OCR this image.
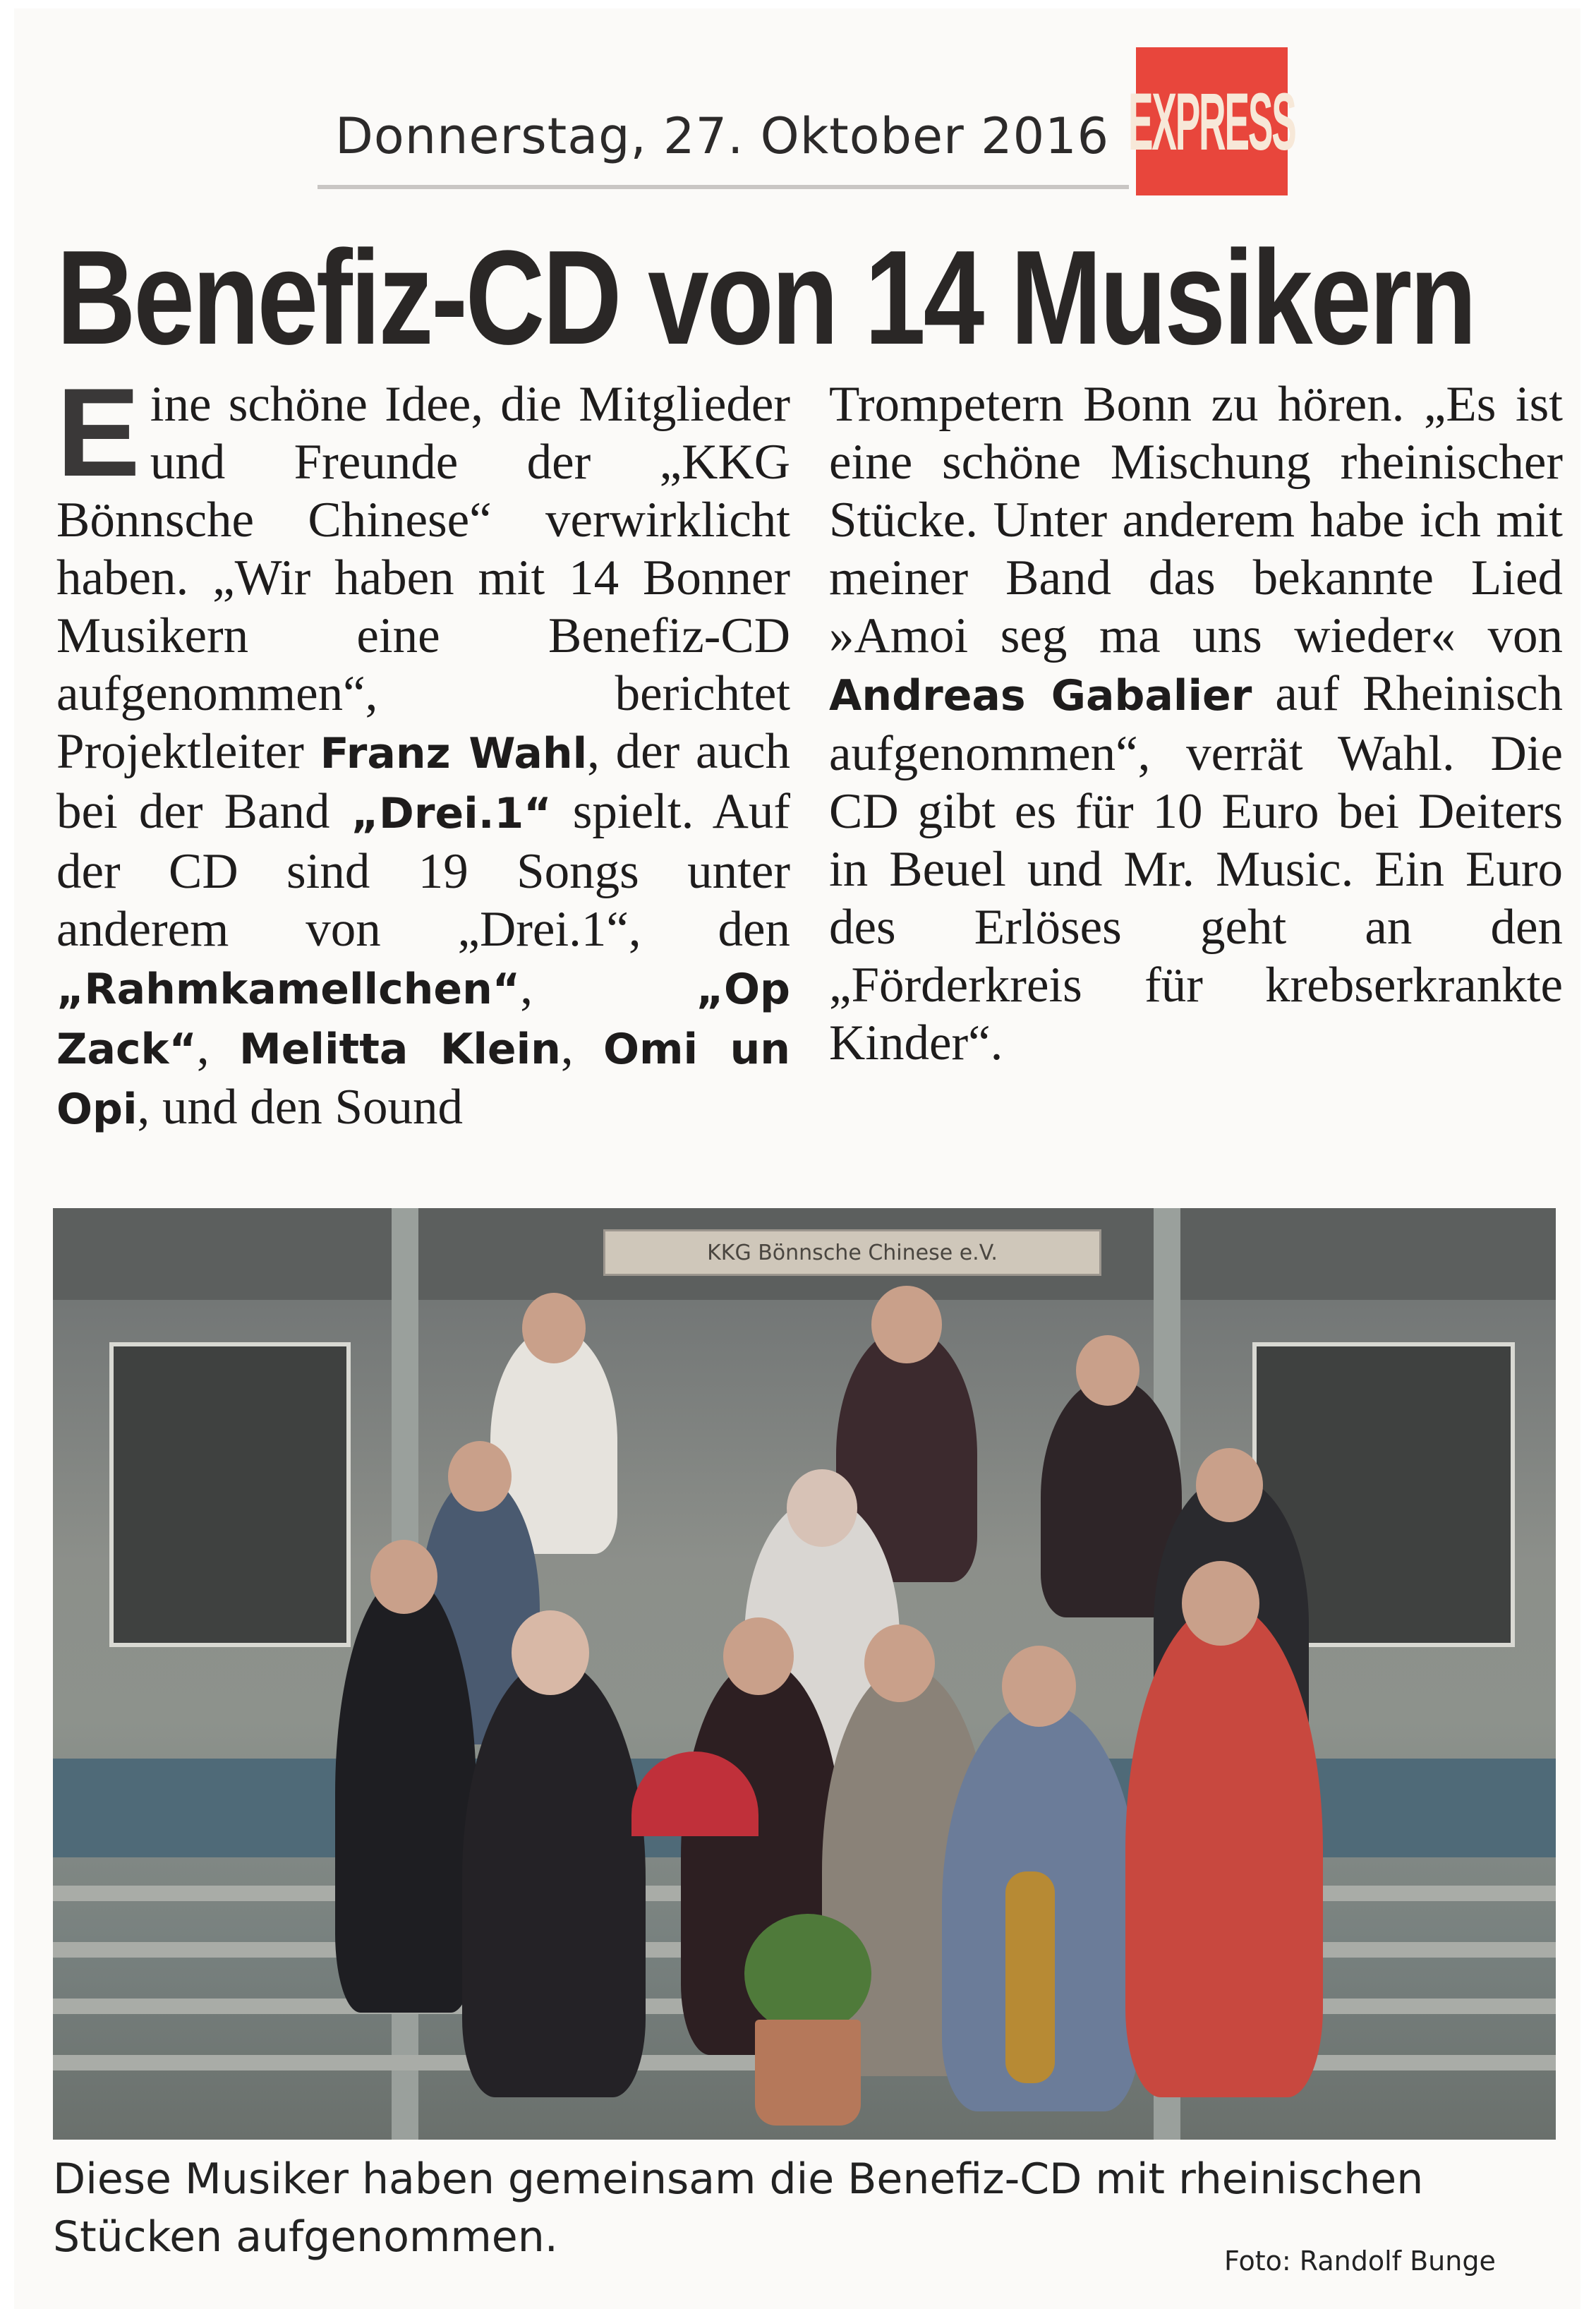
Donnerstag, 27. Oktober 2016 EXPRESS
Benefiz-CD von 14 Musikern

Eine schöne Idee, die Mitglieder und Freunde der „KKG Bönnsche Chinese“ verwirklicht haben. „Wir haben mit 14 Bonner Musikern eine Benefiz-CD aufgenommen“, berichtet Projektleiter Franz Wahl, der auch bei der Band „Drei.1“ spielt. Auf der CD sind 19 Songs unter anderem von „Drei.1“, den „Rahmkamellchen“, „Op Zack“, Melitta Klein, Omi un Opi, und den Sound

Trompetern Bonn zu hören. „Es ist eine schöne Mischung rheinischer Stücke. Unter anderem habe ich mit meiner Band das bekannte Lied »Amoi seg ma uns wieder« von Andreas Gabalier auf Rheinisch aufgenommen“, verrät Wahl. Die CD gibt es für 10 Euro bei Deiters in Beuel und Mr. Music. Ein Euro des Erlöses geht an den „Förderkreis für krebserkrankte Kinder“.

KKG Bönnsche Chinese e.V.
Diese Musiker haben gemeinsam die Benefiz-CD mit rheinischen Stücken aufgenommen.	Foto: Randolf Bunge
